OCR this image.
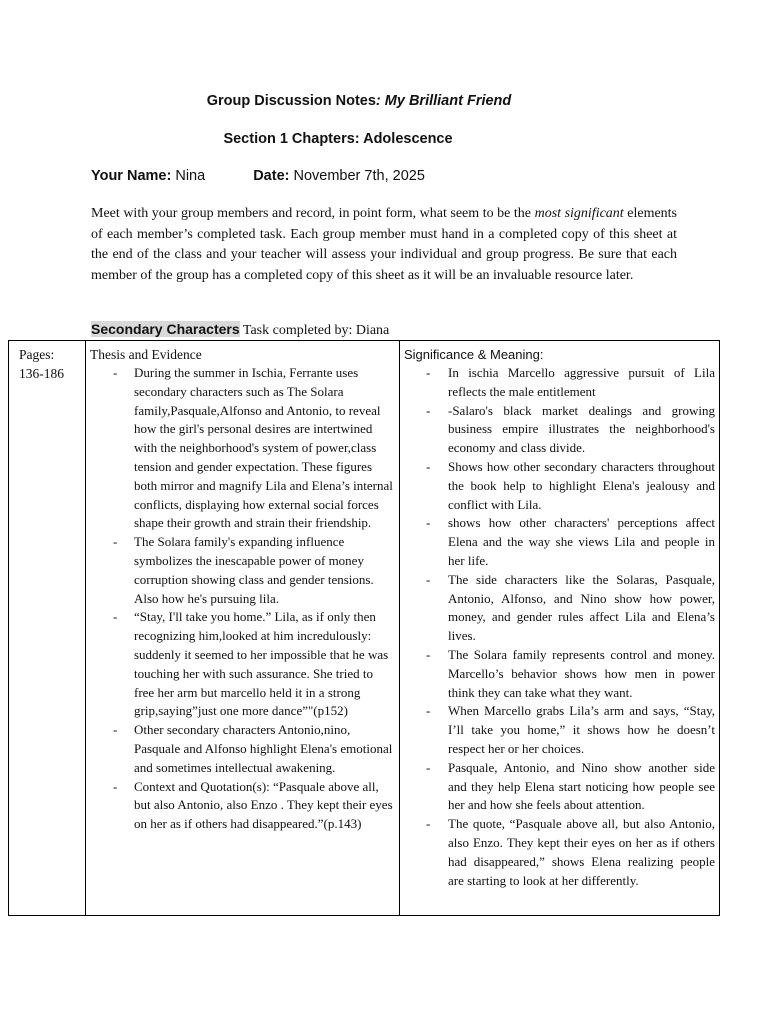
Group Discussion Notes: My Brilliant Friend
Section 1 Chapters: Adolescence
Your Name: Nina	Date: November 7th, 2025
Meet with your group members and record, in point form, what seem to be the most significant elements of each member’s completed task. Each group member must hand in a completed copy of this sheet at the end of the class and your teacher will assess your individual and group progress. Be sure that each member of the group has a completed copy of this sheet as it will be an invaluable resource later.
Secondary Characters Task completed by: Diana
Pages:
136-186

Thesis and Evidence
- During the summer in Ischia, Ferrante uses secondary characters such as The Solara family,Pasquale,Alfonso and Antonio, to reveal how the girl's personal desires are intertwined with the neighborhood's system of power,class tension and gender expectation. These figures both mirror and magnify Lila and Elena’s internal conflicts, displaying how external social forces shape their growth and strain their friendship.
- The Solara family's expanding influence symbolizes the inescapable power of money corruption showing class and gender tensions. Also how he's pursuing lila.
- “Stay, I'll take you home.” Lila, as if only then recognizing him,looked at him incredulously: suddenly it seemed to her impossible that he was touching her with such assurance. She tried to free her arm but marcello held it in a strong grip,saying”just one more dance”"(p152)
- Other secondary characters Antonio,nino, Pasquale and Alfonso highlight Elena's emotional and sometimes intellectual awakening.
- Context and Quotation(s): “Pasquale above all, but also Antonio, also Enzo . They kept their eyes on her as if others had disappeared.”(p.143)

Significance & Meaning:
- In ischia Marcello aggressive pursuit of Lila reflects the male entitlement
- -Salaro's black market dealings and growing business empire illustrates the neighborhood's economy and class divide.
- Shows how other secondary characters throughout the book help to highlight Elena's jealousy and conflict with Lila.
- shows how other characters' perceptions affect Elena and the way she views Lila and people in her life.
- The side characters like the Solaras, Pasquale, Antonio, Alfonso, and Nino show how power, money, and gender rules affect Lila and Elena’s lives.
- The Solara family represents control and money. Marcello’s behavior shows how men in power think they can take what they want.
- When Marcello grabs Lila’s arm and says, “Stay, I’ll take you home,” it shows how he doesn’t respect her or her choices.
- Pasquale, Antonio, and Nino show another side and they help Elena start noticing how people see her and how she feels about attention.
- The quote, “Pasquale above all, but also Antonio, also Enzo. They kept their eyes on her as if others had disappeared,” shows Elena realizing people are starting to look at her differently.
